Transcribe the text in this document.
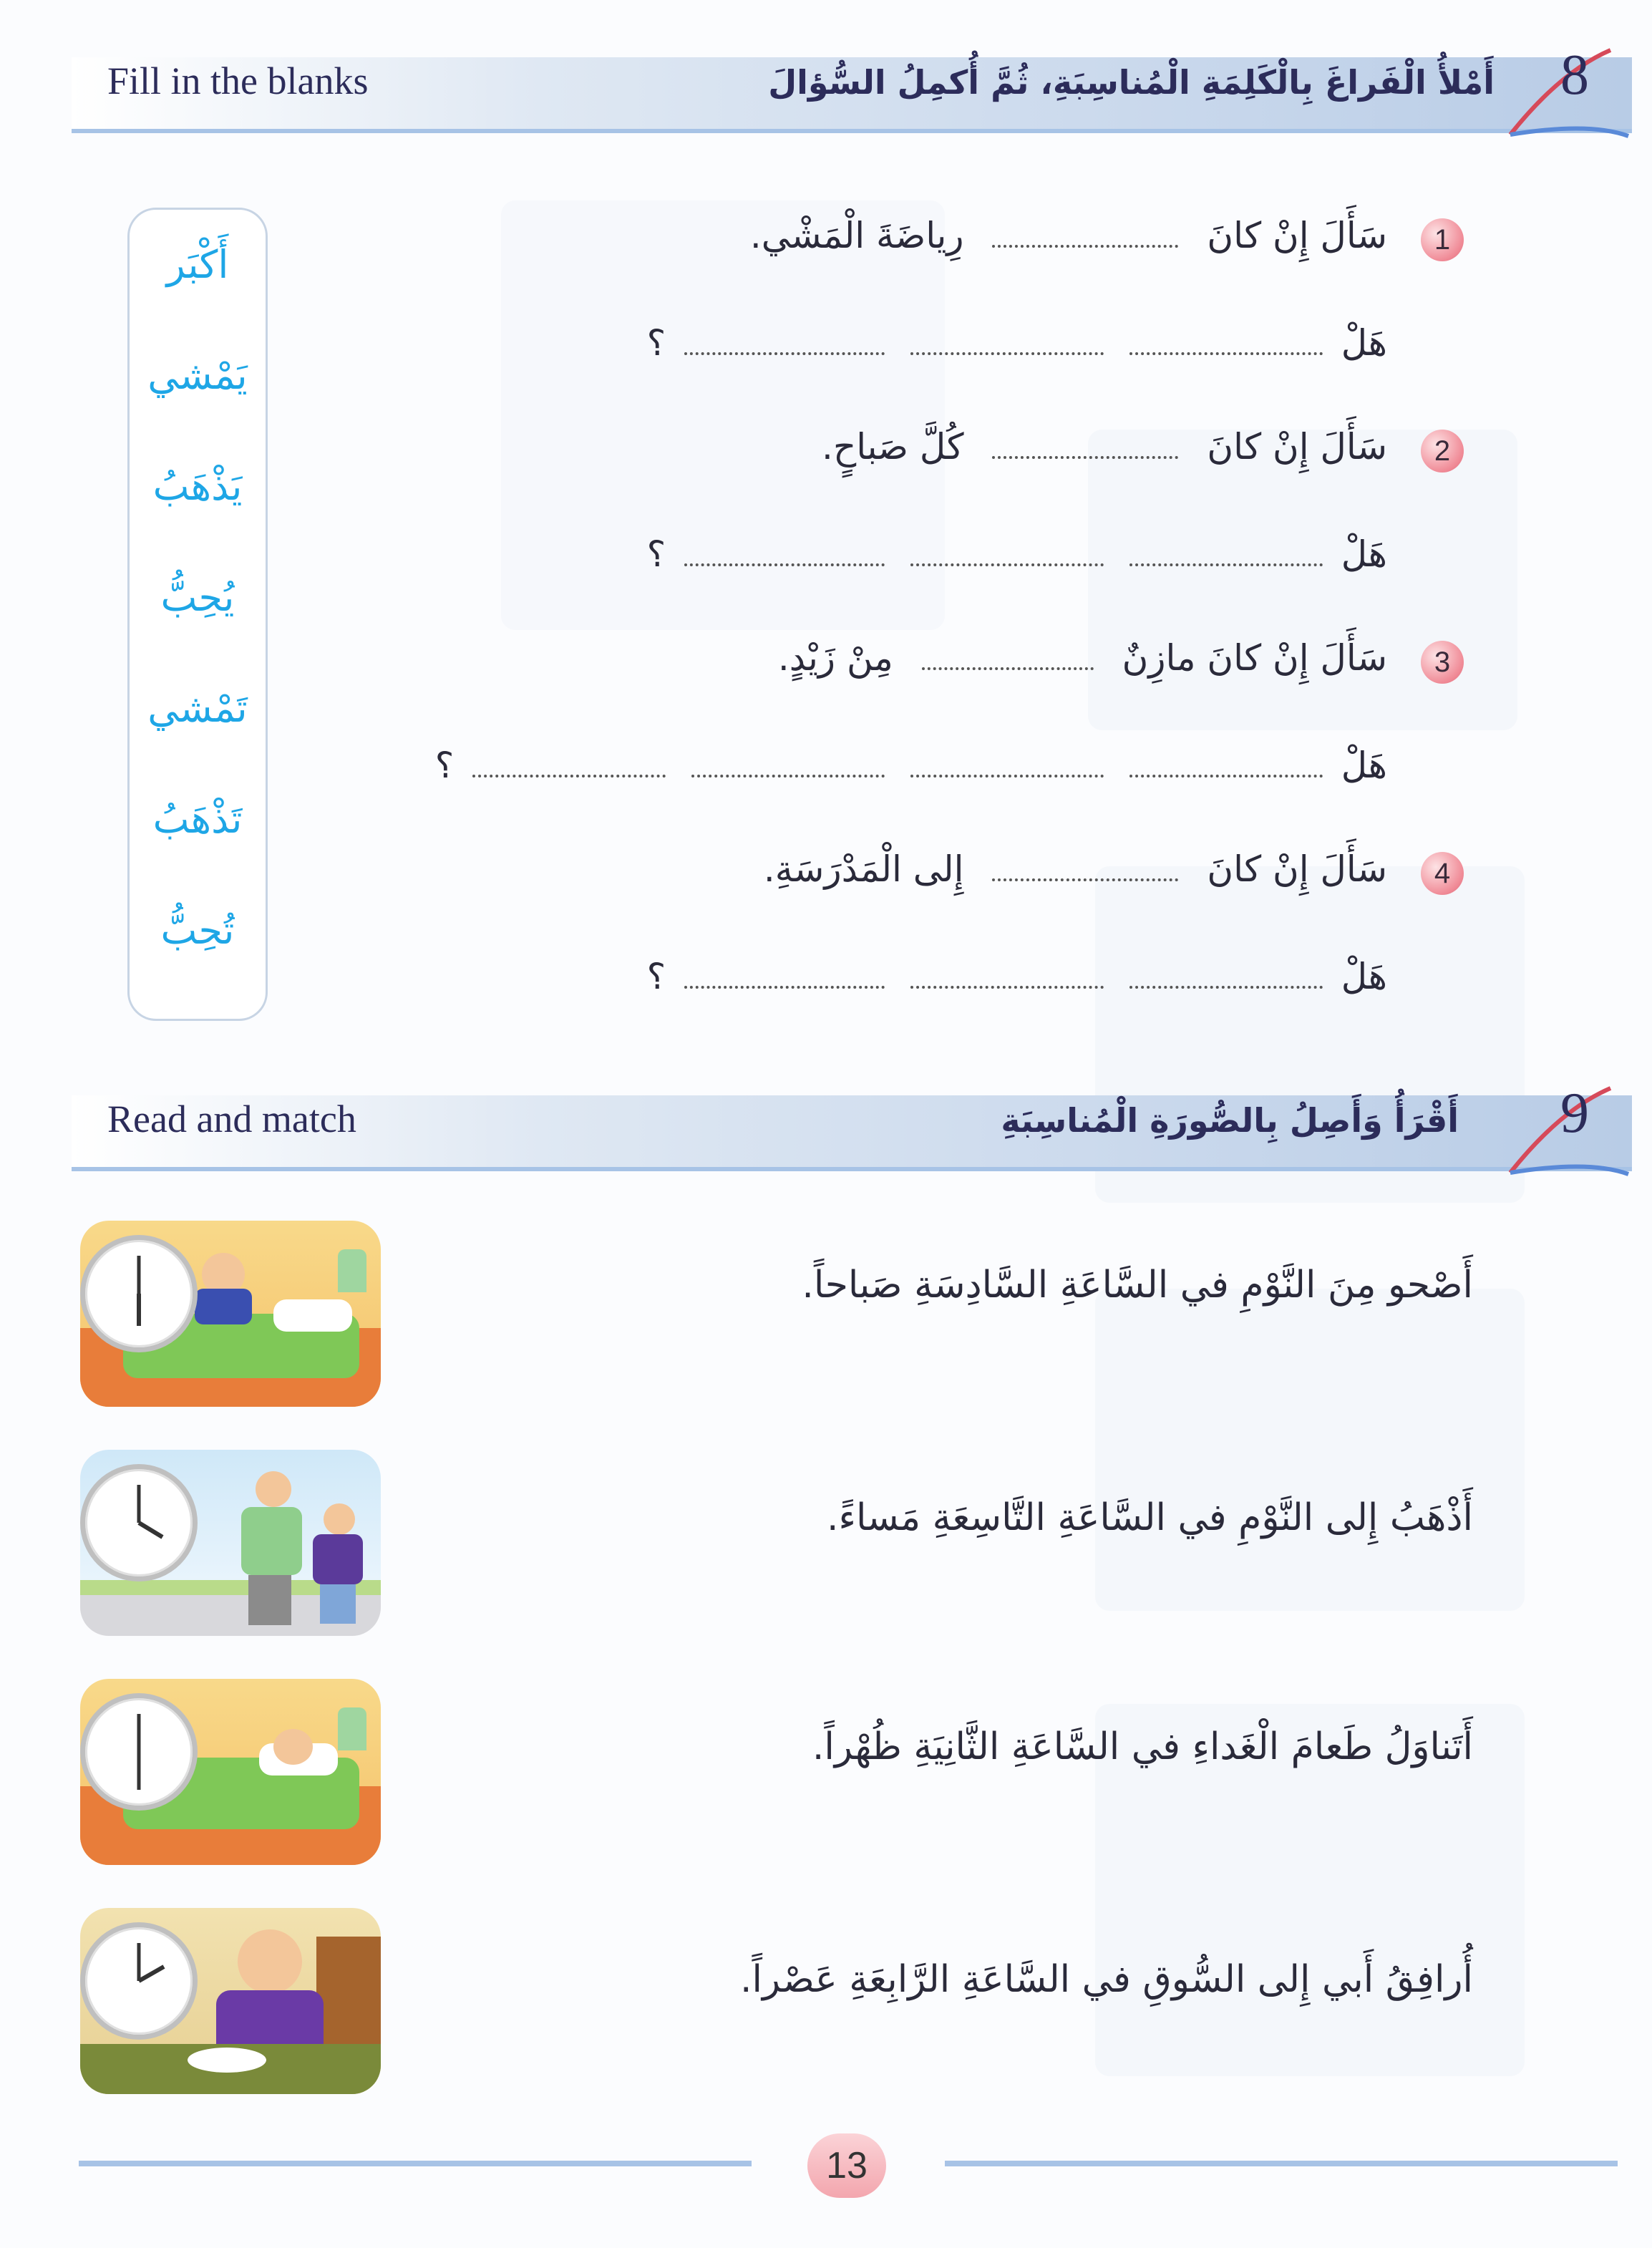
Fill in the blanks	أَمْلأُ الْفَراغَ بِالْكَلِمَةِ الْمُناسِبَةِ، ثُمَّ أُكمِلُ السُّؤالَ 8
أَكْبَر
يَمْشي
يَذْهَبُ
يُحِبُّ
تَمْشي
تَذْهَبُ
تُحِبُّ
1
سَأَلَ إِنْ كانَ  رِياضَةَ الْمَشْي.
هَلْ    ؟
2
سَأَلَ إِنْ كانَ  كُلَّ صَباحٍ.
هَلْ    ؟
3
سَأَلَ إِنْ كانَ مازِنٌ  مِنْ زَيْدٍ.
هَلْ     ؟
4
سَأَلَ إِنْ كانَ  إِلى الْمَدْرَسَةِ.
هَلْ    ؟
Read and match	أَقْرَأُ وَأَصِلُ بِالصُّورَةِ الْمُناسِبَةِ 9
أَصْحو مِنَ النَّوْمِ في السَّاعَةِ السَّادِسَةِ صَباحاً.
أَذْهَبُ إِلى النَّوْمِ في السَّاعَةِ التَّاسِعَةِ مَساءً.
أَتَناوَلُ طَعامَ الْغَداءِ في السَّاعَةِ الثَّانِيَةِ ظُهْراً.
أُرافِقُ أَبي إِلى السُّوقِ في السَّاعَةِ الرَّابِعَةِ عَصْراً.
13
